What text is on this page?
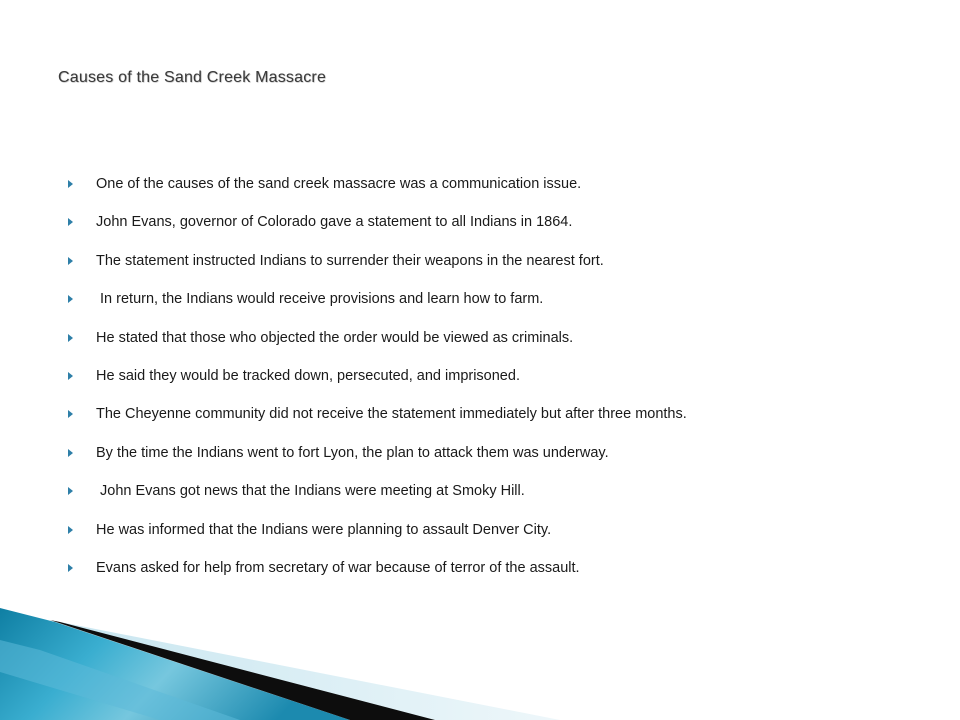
Causes of the Sand Creek Massacre
One of the causes of the sand creek massacre was a communication issue.
John Evans, governor of Colorado gave a statement to all Indians in 1864.
The statement instructed Indians to surrender their weapons in the nearest fort.
In return, the Indians would receive provisions and learn how to farm.
He stated that those who objected the order would be viewed as criminals.
He said they would be tracked down, persecuted, and imprisoned.
The Cheyenne community did not receive the statement immediately but after three months.
By the time the Indians went to fort Lyon, the plan to attack them was underway.
John Evans got news that the Indians were meeting at Smoky Hill.
He was informed that the Indians were planning to assault Denver City.
Evans asked for help from secretary of war because of terror of the assault.
